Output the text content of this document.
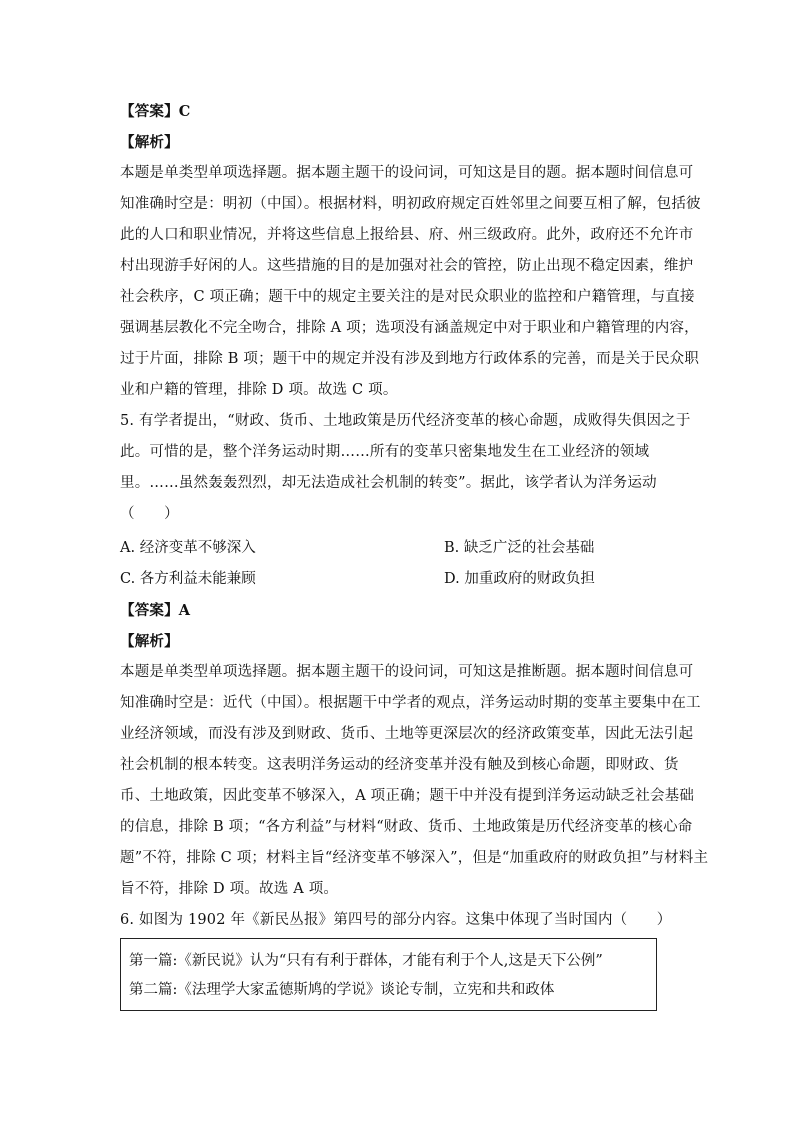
【答案】C
【解析】
本题是单类型单项选择题。据本题主题干的设问词，可知这是目的题。据本题时间信息可
知准确时空是：明初（中国）。根据材料，明初政府规定百姓邻里之间要互相了解，包括彼
此的人口和职业情况，并将这些信息上报给县、府、州三级政府。此外，政府还不允许市
村出现游手好闲的人。这些措施的目的是加强对社会的管控，防止出现不稳定因素，维护
社会秩序，C 项正确；题干中的规定主要关注的是对民众职业的监控和户籍管理，与直接
强调基层教化不完全吻合，排除 A 项；选项没有涵盖规定中对于职业和户籍管理的内容，
过于片面，排除 B 项；题干中的规定并没有涉及到地方行政体系的完善，而是关于民众职
业和户籍的管理，排除 D 项。故选 C 项。
5. 有学者提出，“财政、货币、土地政策是历代经济变革的核心命题，成败得失俱因之于
此。可惜的是，整个洋务运动时期……所有的变革只密集地发生在工业经济的领域
里。……虽然轰轰烈烈，却无法造成社会机制的转变”。据此，该学者认为洋务运动
（　　）
A. 经济变革不够深入	B. 缺乏广泛的社会基础
C. 各方利益未能兼顾	D. 加重政府的财政负担
【答案】A
【解析】
本题是单类型单项选择题。据本题主题干的设问词，可知这是推断题。据本题时间信息可
知准确时空是：近代（中国）。根据题干中学者的观点，洋务运动时期的变革主要集中在工
业经济领域，而没有涉及到财政、货币、土地等更深层次的经济政策变革，因此无法引起
社会机制的根本转变。这表明洋务运动的经济变革并没有触及到核心命题，即财政、货
币、土地政策，因此变革不够深入，A 项正确；题干中并没有提到洋务运动缺乏社会基础
的信息，排除 B 项；“各方利益”与材料“财政、货币、土地政策是历代经济变革的核心命
题”不符，排除 C 项；材料主旨“经济变革不够深入”，但是“加重政府的财政负担”与材料主
旨不符，排除 D 项。故选 A 项。
6. 如图为 1902 年《新民丛报》第四号的部分内容。这集中体现了当时国内（　　）
第一篇:《新民说》认为“只有有利于群体，才能有利于个人,这是天下公例”
第二篇:《法理学大家孟德斯鸠的学说》谈论专制，立宪和共和政体
